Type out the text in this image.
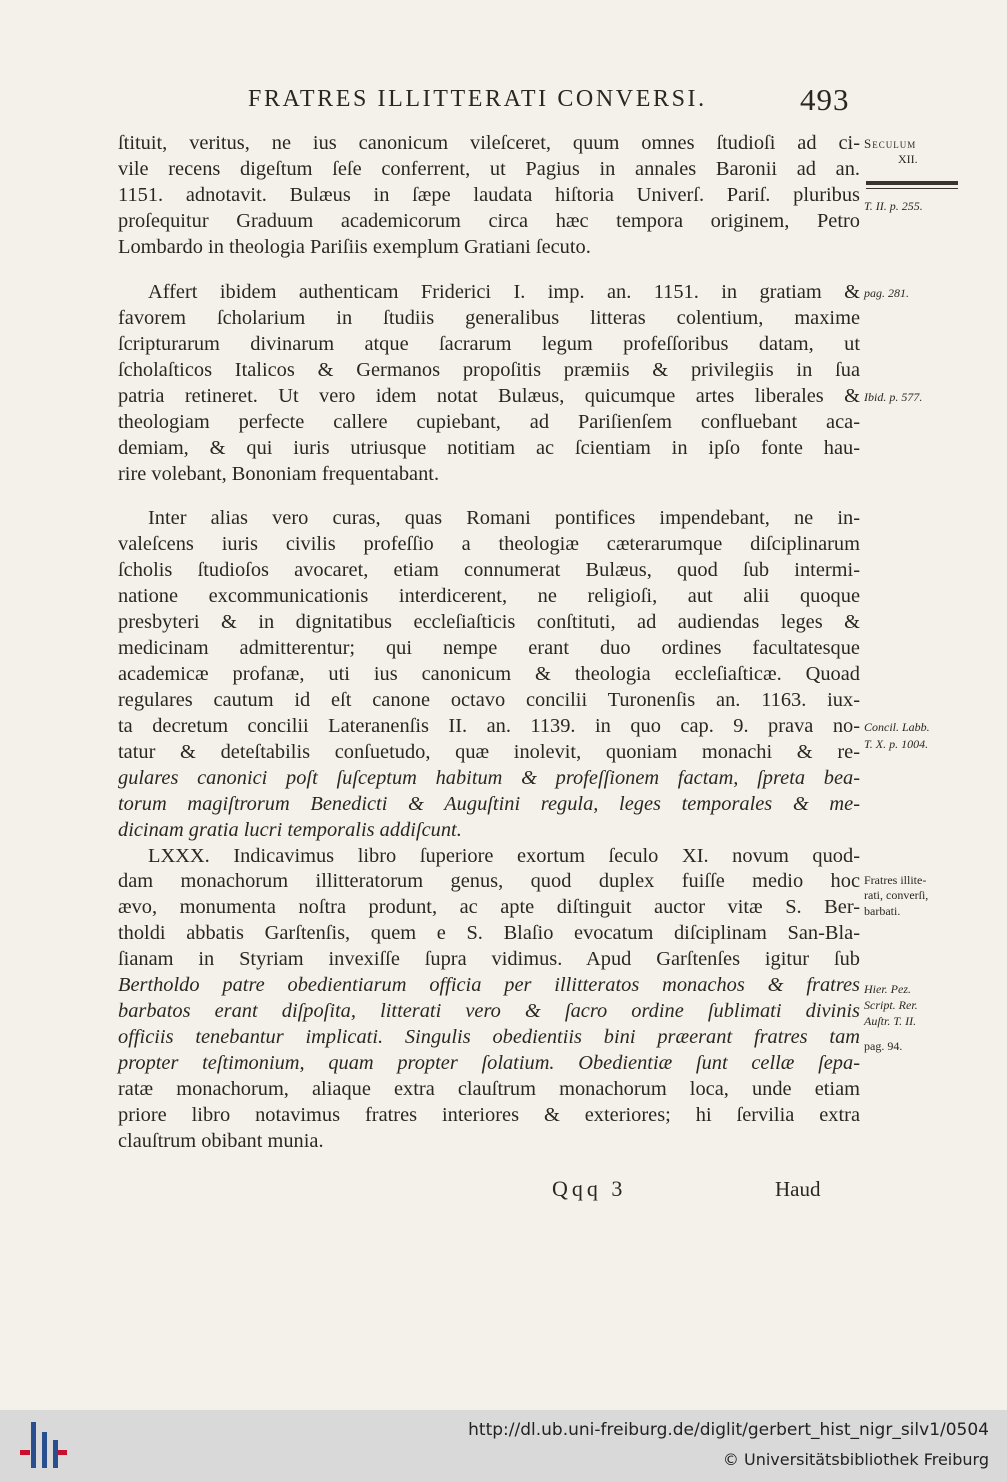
FRATRES ILLITTERATI CONVERSI.	493
ſtituit, veritus, ne ius canonicum vileſceret, quum omnes ſtudioſi ad ci-
vile recens digeſtum ſeſe conferrent, ut Pagius in annales Baronii ad an.
1151. adnotavit. Bulæus in ſæpe laudata hiſtoria Univerſ. Pariſ. pluribus
proſequitur Graduum academicorum circa hæc tempora originem, Petro
Lombardo in theologia Pariſiis exemplum Gratiani ſecuto.
Affert ibidem authenticam Friderici I. imp. an. 1151. in gratiam &
favorem ſcholarium in ſtudiis generalibus litteras colentium, maxime
ſcripturarum divinarum atque ſacrarum legum profeſſoribus datam, ut
ſcholaſticos Italicos & Germanos propoſitis præmiis & privilegiis in ſua
patria retineret. Ut vero idem notat Bulæus, quicumque artes liberales &
theologiam perfecte callere cupiebant, ad Pariſienſem confluebant aca-
demiam, & qui iuris utriusque notitiam ac ſcientiam in ipſo fonte hau-
rire volebant, Bononiam frequentabant.
Inter alias vero curas, quas Romani pontifices impendebant, ne in-
valeſcens iuris civilis profeſſio a theologiæ cæterarumque diſciplinarum
ſcholis ſtudioſos avocaret, etiam connumerat Bulæus, quod ſub intermi-
natione excommunicationis interdicerent, ne religioſi, aut alii quoque
presbyteri & in dignitatibus eccleſiaſticis conſtituti, ad audiendas leges &
medicinam admitterentur; qui nempe erant duo ordines facultatesque
academicæ profanæ, uti ius canonicum & theologia eccleſiaſticæ. Quoad
regulares cautum id eſt canone octavo concilii Turonenſis an. 1163. iux-
ta decretum concilii Lateranenſis II. an. 1139. in quo cap. 9. prava no-
tatur & deteſtabilis conſuetudo, quæ inolevit, quoniam monachi & re-
gulares canonici poſt ſuſceptum habitum & profeſſionem factam, ſpreta bea-
torum magiſtrorum Benedicti & Auguſtini regula, leges temporales & me-
dicinam gratia lucri temporalis addiſcunt.
LXXX. Indicavimus libro ſuperiore exortum ſeculo XI. novum quod-
dam monachorum illitteratorum genus, quod duplex fuiſſe medio hoc
ævo, monumenta noſtra produnt, ac apte diſtinguit auctor vitæ S. Ber-
tholdi abbatis Garſtenſis, quem e S. Blaſio evocatum diſciplinam San-Bla-
ſianam in Styriam invexiſſe ſupra vidimus. Apud Garſtenſes igitur ſub
Bertholdo patre obedientiarum officia per illitteratos monachos & fratres
barbatos erant diſpoſita, litterati vero & ſacro ordine ſublimati divinis
officiis tenebantur implicati. Singulis obedientiis bini præerant fratres tam
propter teſtimonium, quam propter ſolatium. Obedientiæ ſunt cellæ ſepa-
ratæ monachorum, aliaque extra clauſtrum monachorum loca, unde etiam
priore libro notavimus fratres interiores & exteriores; hi ſervilia extra
clauſtrum obibant munia.
Seculum
XII.
T. II. p. 255.
pag. 281.
Ibid. p. 577.
Concil. Labb.
T. X. p. 1004.
Fratres illite-
rati, converſi,
barbati.
Hier. Pez.
Script. Rer.
Auſtr. T. II.
pag. 94.
Qqq 3	Haud
http://dl.ub.uni-freiburg.de/diglit/gerbert_hist_nigr_silv1/0504
© Universitätsbibliothek Freiburg
